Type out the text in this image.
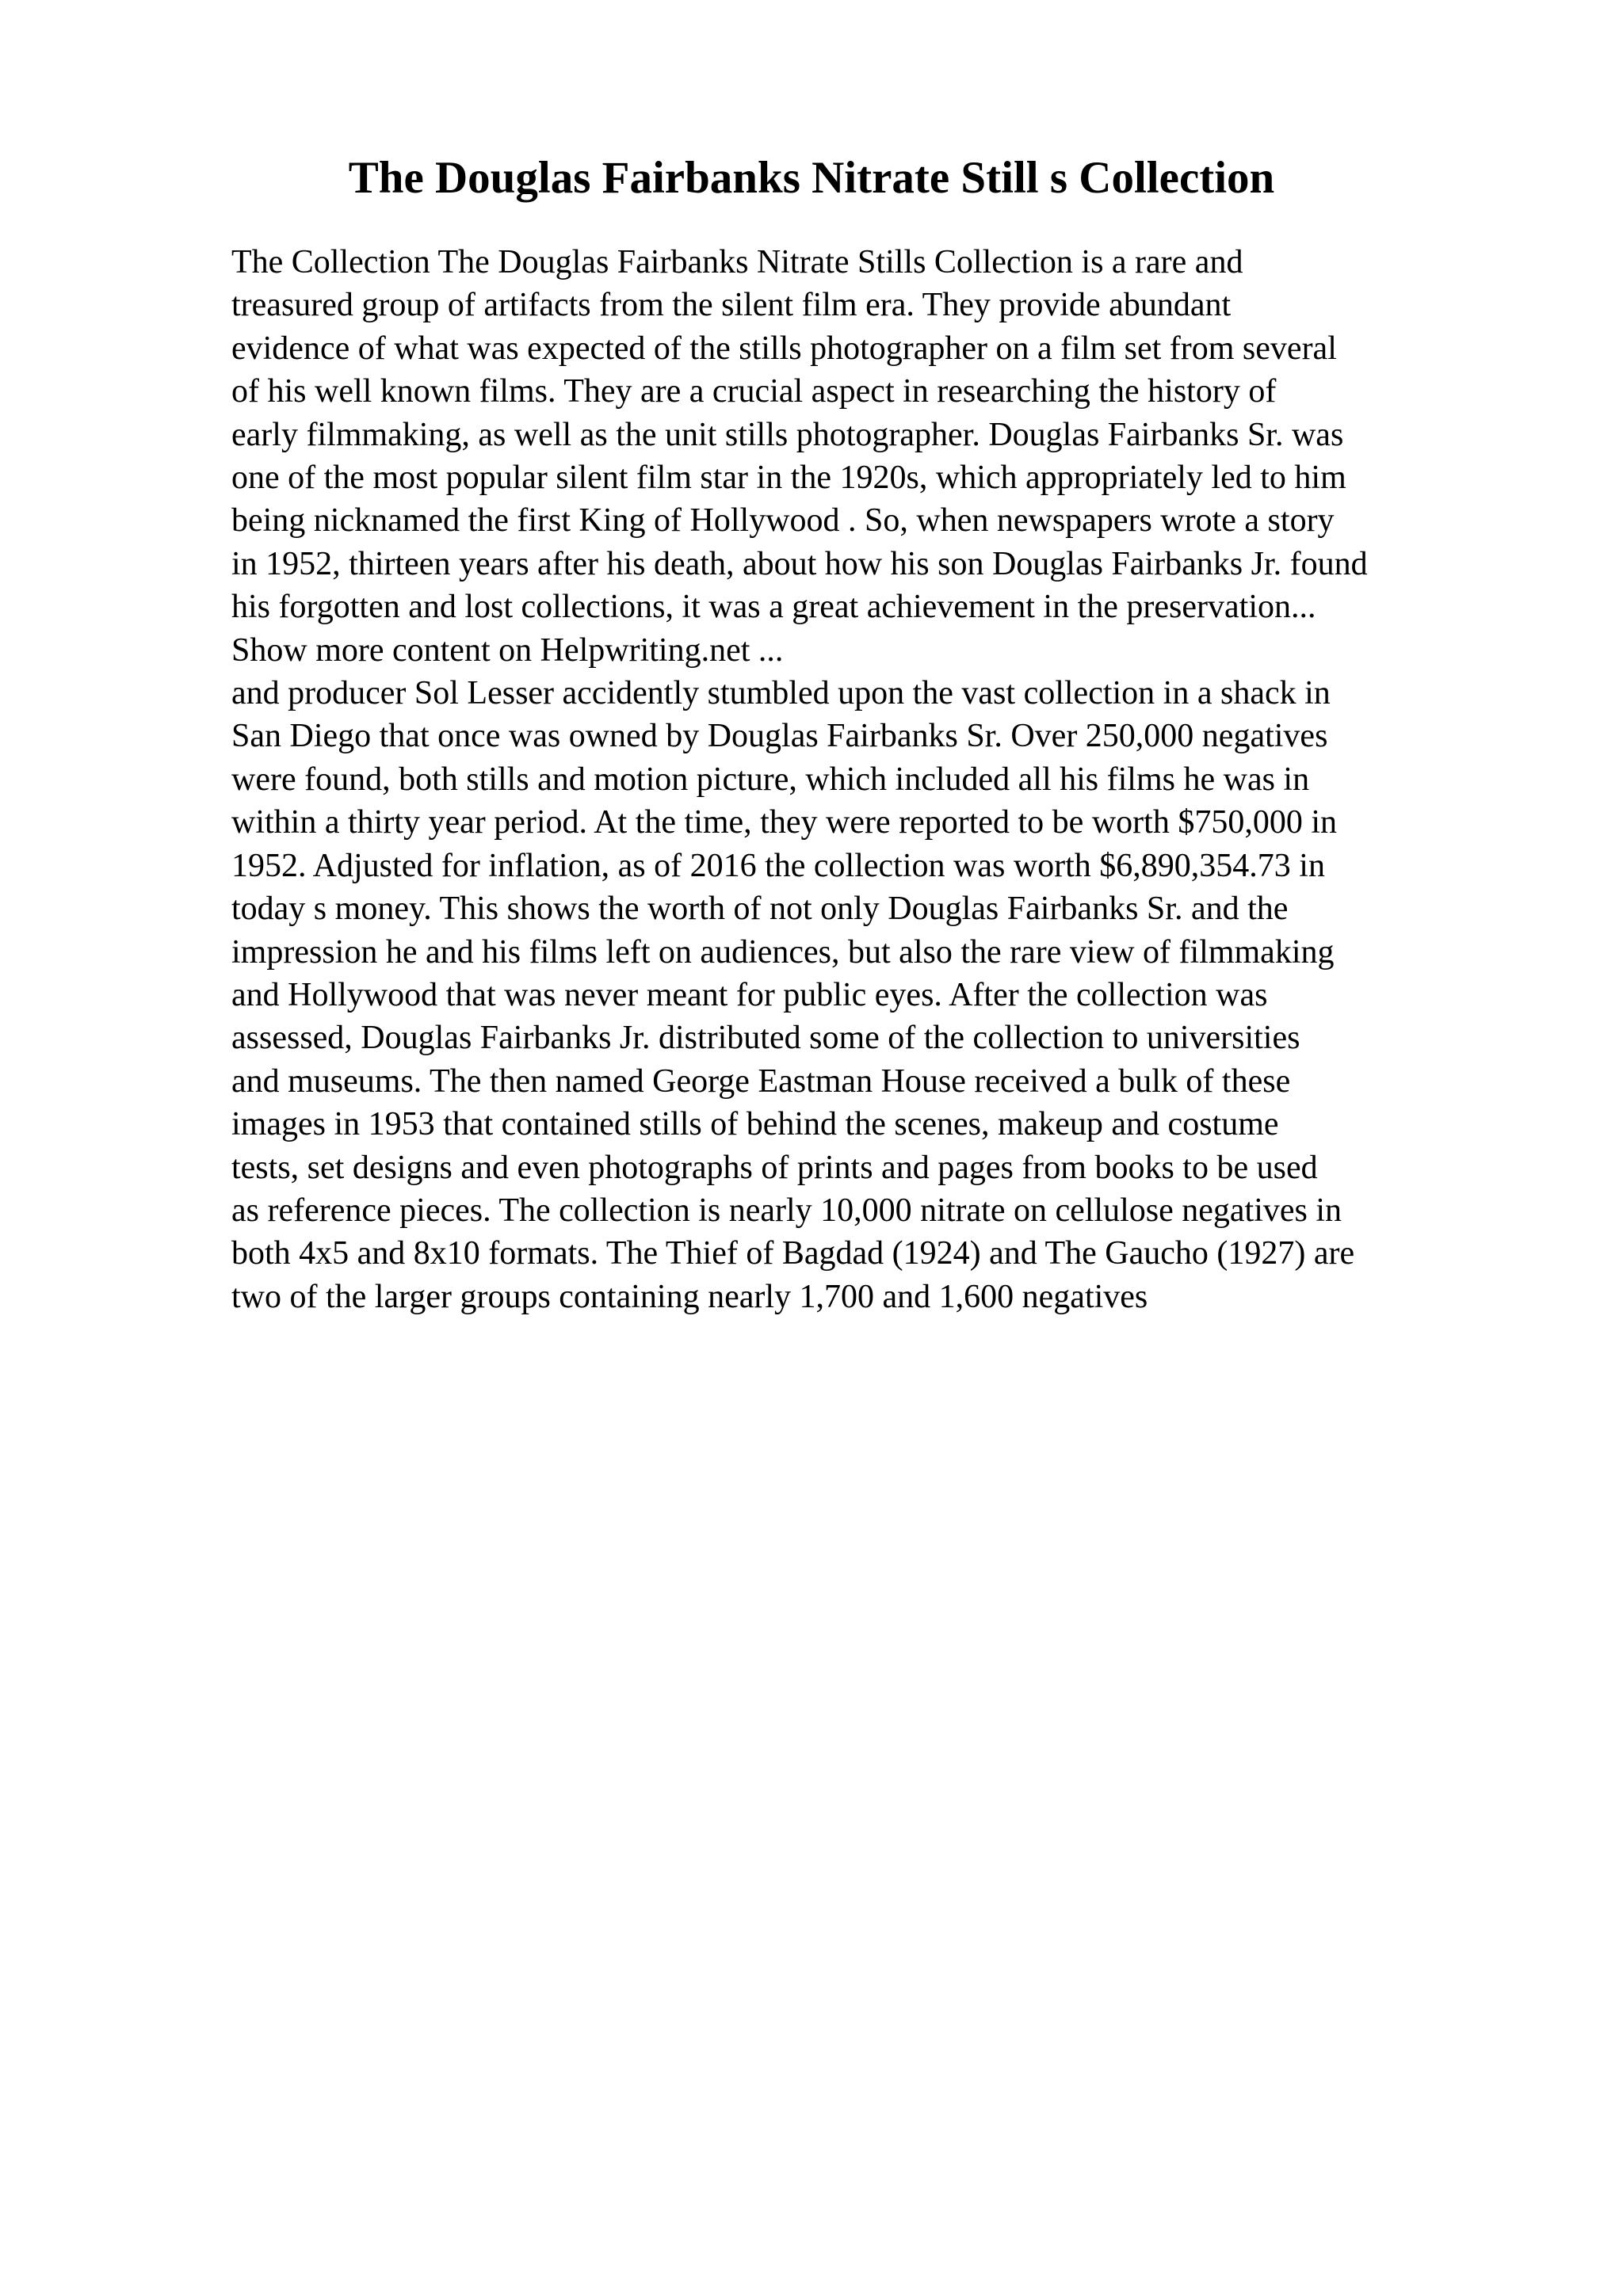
The Douglas Fairbanks Nitrate Still s Collection
The Collection The Douglas Fairbanks Nitrate Stills Collection is a rare and
treasured group of artifacts from the silent film era. They provide abundant
evidence of what was expected of the stills photographer on a film set from several
of his well known films. They are a crucial aspect in researching the history of
early filmmaking, as well as the unit stills photographer. Douglas Fairbanks Sr. was
one of the most popular silent film star in the 1920s, which appropriately led to him
being nicknamed the first King of Hollywood . So, when newspapers wrote a story
in 1952, thirteen years after his death, about how his son Douglas Fairbanks Jr. found
his forgotten and lost collections, it was a great achievement in the preservation...
Show more content on Helpwriting.net ...
and producer Sol Lesser accidently stumbled upon the vast collection in a shack in
San Diego that once was owned by Douglas Fairbanks Sr. Over 250,000 negatives
were found, both stills and motion picture, which included all his films he was in
within a thirty year period. At the time, they were reported to be worth $750,000 in
1952. Adjusted for inflation, as of 2016 the collection was worth $6,890,354.73 in
today s money. This shows the worth of not only Douglas Fairbanks Sr. and the
impression he and his films left on audiences, but also the rare view of filmmaking
and Hollywood that was never meant for public eyes. After the collection was
assessed, Douglas Fairbanks Jr. distributed some of the collection to universities
and museums. The then named George Eastman House received a bulk of these
images in 1953 that contained stills of behind the scenes, makeup and costume
tests, set designs and even photographs of prints and pages from books to be used
as reference pieces. The collection is nearly 10,000 nitrate on cellulose negatives in
both 4x5 and 8x10 formats. The Thief of Bagdad (1924) and The Gaucho (1927) are
two of the larger groups containing nearly 1,700 and 1,600 negatives
